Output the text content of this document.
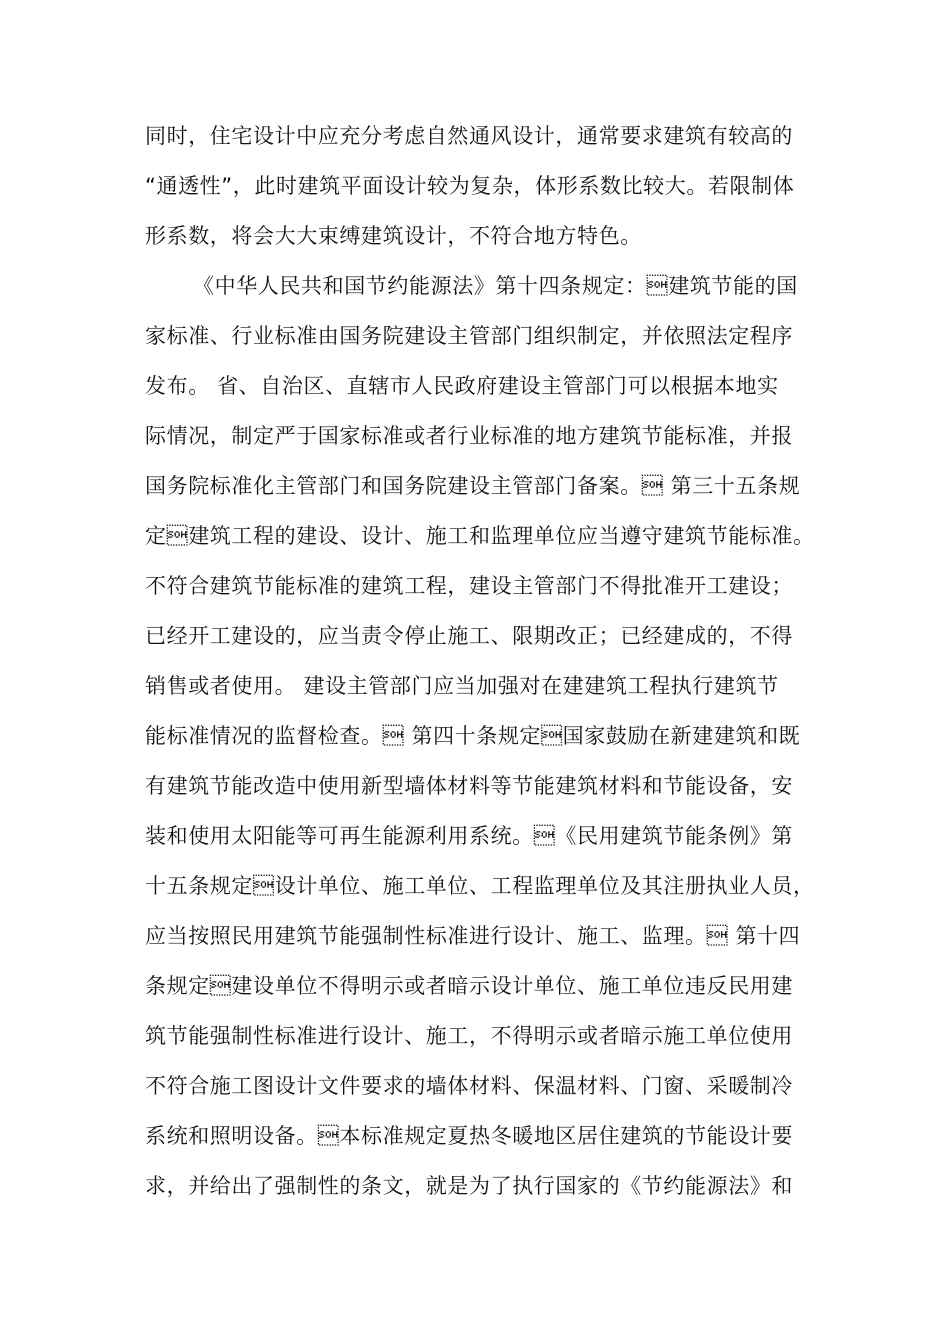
同时，住宅设计中应充分考虑自然通风设计，通常要求建筑有较高的
“通透性”，此时建筑平面设计较为复杂，体形系数比较大。若限制体
形系数，将会大大束缚建筑设计，不符合地方特色。
《中华人民共和国节约能源法》第十四条规定：建筑节能的国
家标准、行业标准由国务院建设主管部门组织制定，并依照法定程序
发布。 省、自治区、直辖市人民政府建设主管部门可以根据本地实
际情况，制定严于国家标准或者行业标准的地方建筑节能标准，并报
国务院标准化主管部门和国务院建设主管部门备案。 第三十五条规
定建筑工程的建设、设计、施工和监理单位应当遵守建筑节能标准。
不符合建筑节能标准的建筑工程，建设主管部门不得批准开工建设；
已经开工建设的，应当责令停止施工、限期改正；已经建成的，不得
销售或者使用。 建设主管部门应当加强对在建建筑工程执行建筑节
能标准情况的监督检查。 第四十条规定国家鼓励在新建建筑和既
有建筑节能改造中使用新型墙体材料等节能建筑材料和节能设备，安
装和使用太阳能等可再生能源利用系统。《民用建筑节能条例》第
十五条规定设计单位、施工单位、工程监理单位及其注册执业人员，
应当按照民用建筑节能强制性标准进行设计、施工、监理。 第十四
条规定建设单位不得明示或者暗示设计单位、施工单位违反民用建
筑节能强制性标准进行设计、施工，不得明示或者暗示施工单位使用
不符合施工图设计文件要求的墙体材料、保温材料、门窗、采暖制冷
系统和照明设备。本标准规定夏热冬暖地区居住建筑的节能设计要
求，并给出了强制性的条文，就是为了执行国家的《节约能源法》和
